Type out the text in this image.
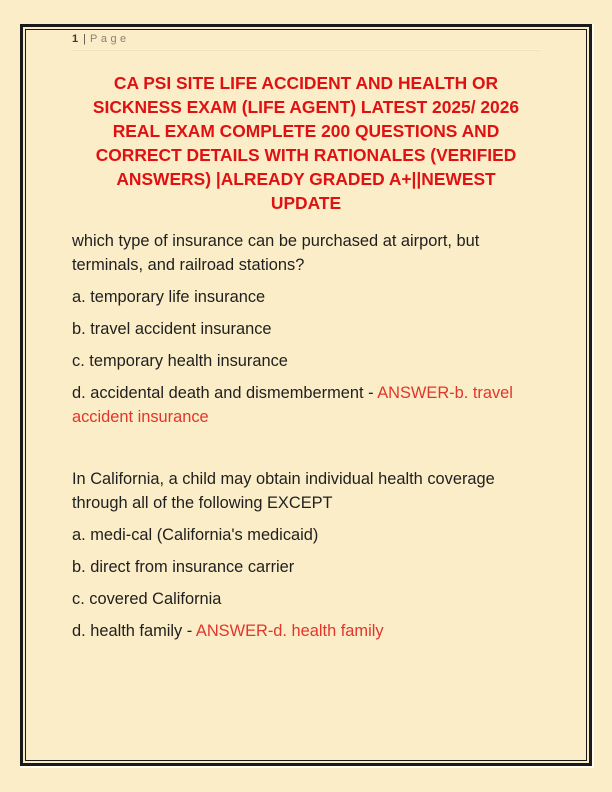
1 | Page
CA PSI SITE LIFE ACCIDENT AND HEALTH OR
SICKNESS EXAM (LIFE AGENT) LATEST 2025/ 2026
REAL EXAM COMPLETE 200 QUESTIONS AND
CORRECT DETAILS WITH RATIONALES (VERIFIED
ANSWERS) |ALREADY GRADED A+||NEWEST
UPDATE

which type of insurance can be purchased at airport, but terminals, and railroad stations?

a. temporary life insurance

b. travel accident insurance

c. temporary health insurance

d. accidental death and dismemberment - ANSWER-b. travel accident insurance

In California, a child may obtain individual health coverage through all of the following EXCEPT

a. medi-cal (California's medicaid)

b. direct from insurance carrier

c. covered California

d. health family - ANSWER-d. health family
